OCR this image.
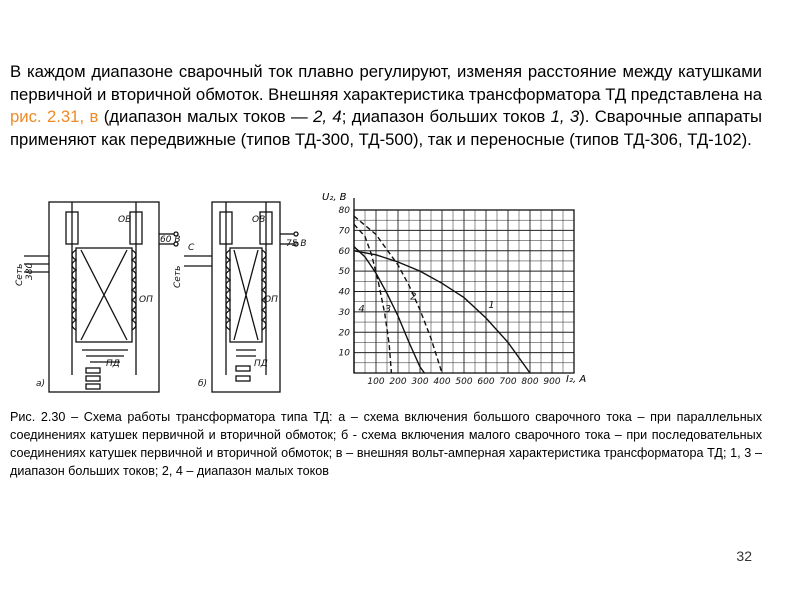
В каждом диапазоне сварочный ток плавно регулируют, изменяя расстояние между катушками первичной и вторичной обмоток. Внешняя характеристика трансформатора ТД представлена на рис. 2.31, в (диапазон малых токов — 2, 4; диапазон больших токов 1, 3). Сварочные аппараты применяют как передвижные (типов ТД-300, ТД-500), так и переносные (типов ТД-306, ТД-102).

ОВ
60 В
Сеть 380
ОП
ПД
a)
ОВ
75 В
Сеть
С
ОП
ПД
б)	100 200 300 400 500 600 700 800 900
10
20
30
40
50
60
70
80
1
2
3
4
U₂, В
I₂, А

Рис. 2.30 – Схема работы трансформатора типа ТД: а – схема включения большого сварочного тока – при параллельных соединениях катушек первичной и вторичной обмоток; б - схема включения малого сварочного тока – при последовательных соединениях катушек первичной и вторичной обмоток; в – внешняя вольт-амперная характеристика трансформатора ТД; 1, 3 – диапазон больших токов; 2, 4 – диапазон малых токов

32
